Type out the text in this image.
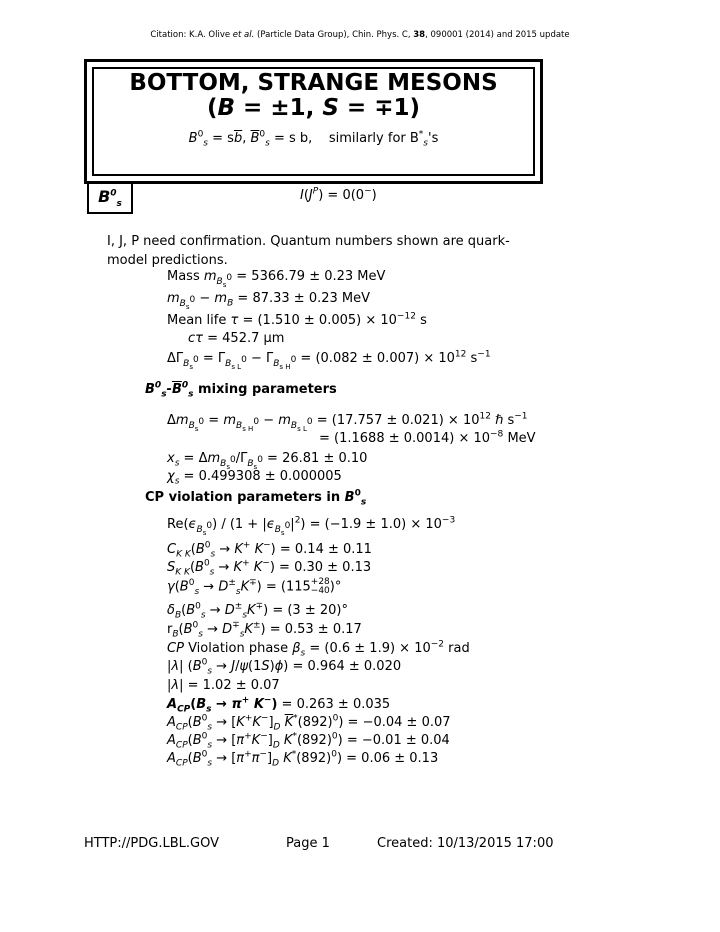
Citation: K.A. Olive et al. (Particle Data Group), Chin. Phys. C, 38, 090001 (2014) and 2015 update
BOTTOM, STRANGE MESONS
(B = ±1, S = ∓1)
$B^0_s = s\overline{b}$, $\overline{B}^0_s = s$ b, similarly for $B^*_s's$
$B^0_s$
$I(J^P) = 0(0^-)$
I, J, P need confirmation. Quantum numbers shown are quark-model predictions.
Mass $m_{B_s^0} = 5366.79 \pm 0.23$ MeV
$m_{B_s^0} - m_B = 87.33 \pm 0.23$ MeV
Mean life $\tau = (1.510 \pm 0.005) \times 10^{-12}$ s
cτ = 452.7 μm
$\Delta\Gamma_{B_s^0} = \Gamma_{B_{s L}^0} - \Gamma_{B_{s H}^0} = (0.082 \pm 0.007) \times 10^{12}$ $s^{-1}$
$B^0_s-\overline{B}^0_s$ mixing parameters
$\Delta m_{B_s^0} = m_{B_{s H}^0} - m_{B_{s L}^0} = (17.757 \pm 0.021) \times 10^{12}$ ℏ $s^{-1}$
= $(1.1688 \pm 0.0014) \times 10^{-8}$ MeV
$x_s = \Delta m_{B_s^0}/\Gamma_{B_s^0} = 26.81 \pm 0.10$
$\chi_s = 0.499308 \pm 0.000005$
CP violation parameters in $B^0_s$
$Re(\epsilon_{B_s^0}) / (1 + |\epsilon_{B_s^0}|^2) = (-1.9 \pm 1.0) \times 10^{-3}$
$C_{K K}(B^0_s \to K^+$ K−) = 0.14 ± 0.11
$S_{K K}(B^0_s \to K^+$ K−) = 0.30 ± 0.13
$\gamma(B^0_s \to D^\pm_sK^\mp) = (115+28$
−40)°
$\delta_B(B^0_s \to D^\pm_sK^\mp) = (3 \pm 20)^\circ$
$r_B(B^0_s \to D^\mp_sK^\pm) = 0.53 \pm 0.17$
CP Violation phase $\beta_s = (0.6 \pm 1.9) \times 10^{-2}$ rad
|λ| $(B^0_s \to J/\psi(1S)\phi) = 0.964 \pm 0.020$
|λ| = 1.02 ± 0.07
$A_{CP}(B_s \to \pi^+$ K−) = 0.263 ± 0.035
$A_{CP}(B^0_s \to [K^+K^-]_D$ $\overline{K}^*(892)^0) = -0.04 \pm 0.07$
$A_{CP}(B^0_s \to [\pi^+K^-]_D$ $K^*(892)^0) = -0.01 \pm 0.04$
$A_{CP}(B^0_s \to [\pi^+\pi^-]_D$ $K^*(892)^0) = 0.06 \pm 0.13$
HTTP://PDG.LBL.GOV	Page 1	Created: 10/13/2015 17:00
